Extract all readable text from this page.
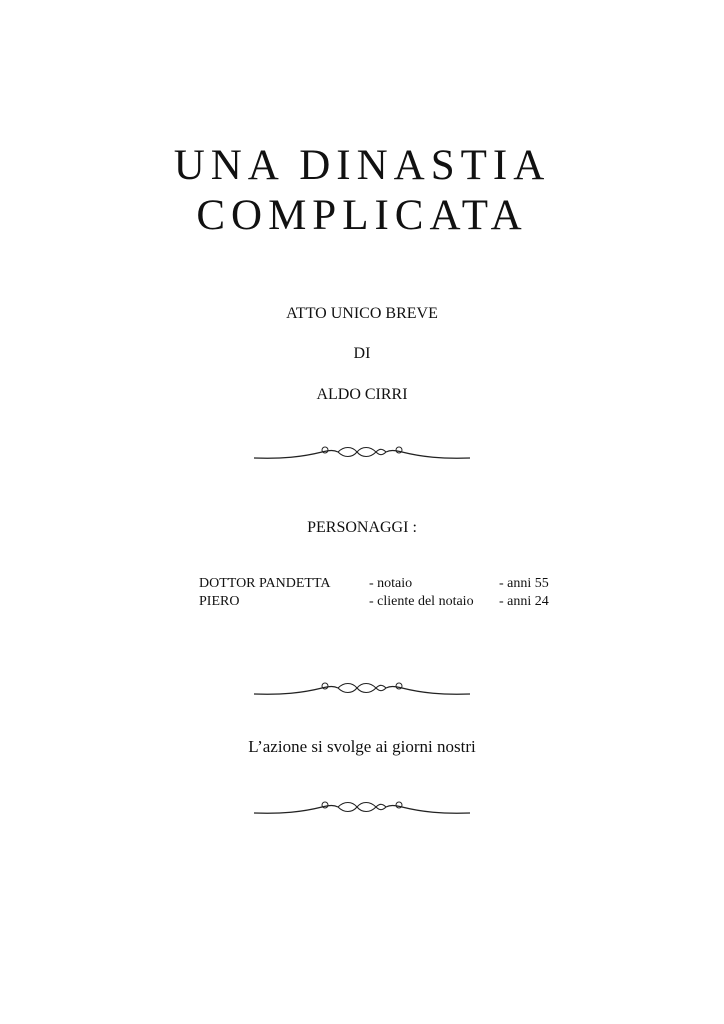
UNA DINASTIA
COMPLICATA
ATTO UNICO BREVE
DI
ALDO CIRRI
PERSONAGGI :
DOTTOR PANDETTA	- notaio	- anni 55
PIERO	- cliente del notaio	- anni 24
L’azione si svolge ai giorni nostri
